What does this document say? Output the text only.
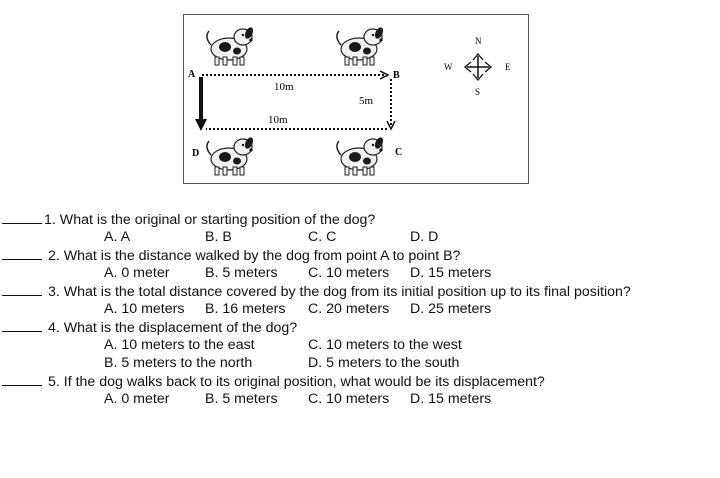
A	B
C
D
10m
5m
10m
N
S
W	E
1. What is the original or starting position of the dog?
A. A	B. B	C. C	D. D
2. What is the distance walked by the dog from point A to point B?
A. 0 meter	B. 5 meters C. 10 meters D. 15 meters
3. What is the total distance covered by the dog from its initial position up to its final position?
A. 10 meters B. 16 meters C. 20 meters D. 25 meters
4. What is the displacement of the dog?
A. 10 meters to the east	C. 10 meters to the west
B. 5 meters to the north	D. 5 meters to the south
5. If the dog walks back to its original position, what would be its displacement?
A. 0 meter	B. 5 meters C. 10 meters D. 15 meters
